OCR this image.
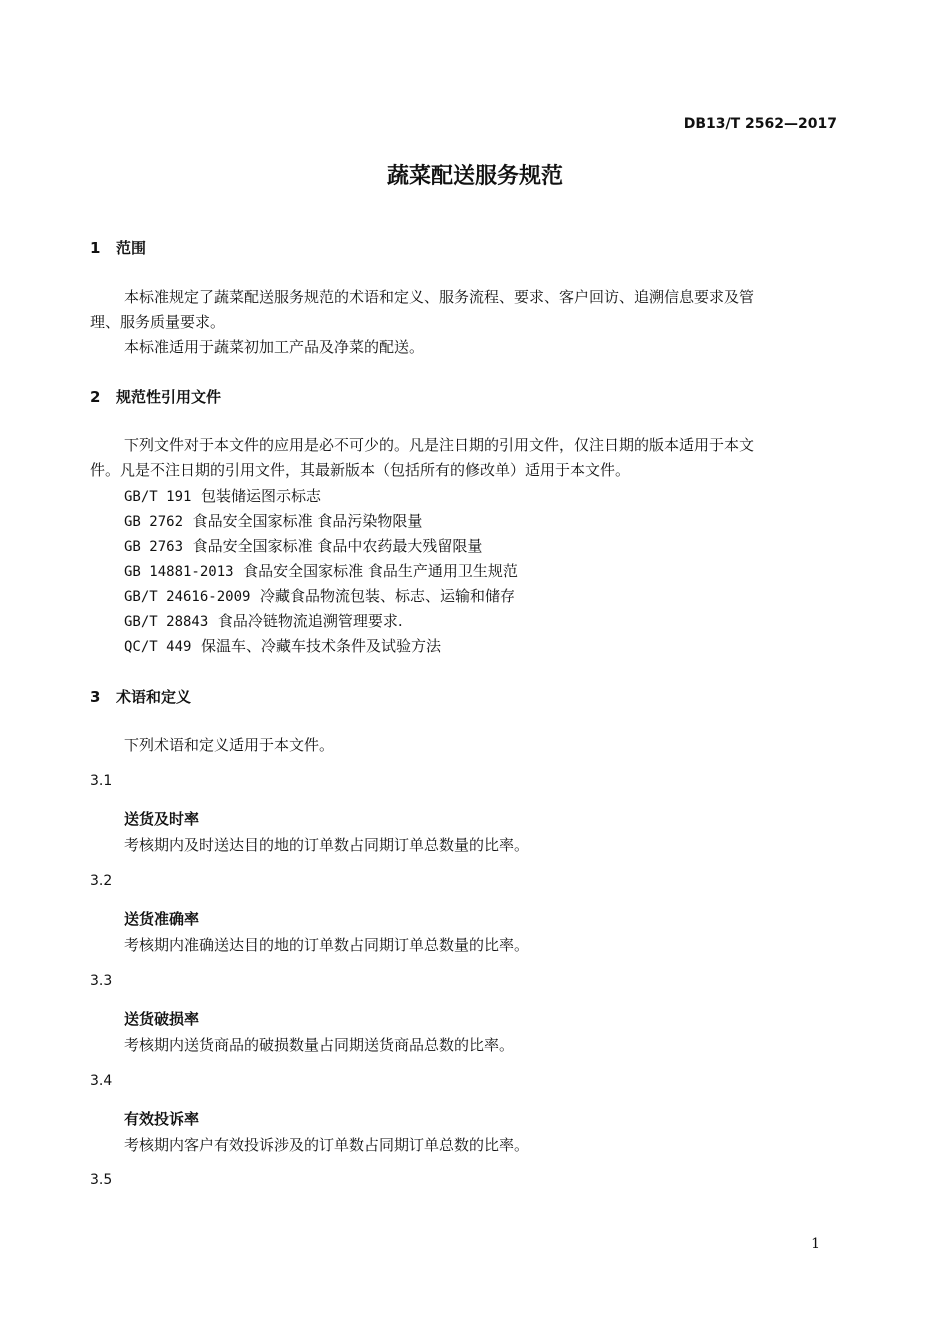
DB13/T 2562—2017
蔬菜配送服务规范
1 范围
本标准规定了蔬菜配送服务规范的术语和定义、服务流程、要求、客户回访、追溯信息要求及管
理、服务质量要求。
本标准适用于蔬菜初加工产品及净菜的配送。
2 规范性引用文件
下列文件对于本文件的应用是必不可少的。凡是注日期的引用文件，仅注日期的版本适用于本文
件。凡是不注日期的引用文件，其最新版本（包括所有的修改单）适用于本文件。
GB/T 191 包装储运图示标志
GB 2762 食品安全国家标准 食品污染物限量
GB 2763 食品安全国家标准 食品中农药最大残留限量
GB 14881-2013 食品安全国家标准 食品生产通用卫生规范
GB/T 24616-2009 冷藏食品物流包装、标志、运输和储存
GB/T 28843 食品冷链物流追溯管理要求.
QC/T 449 保温车、冷藏车技术条件及试验方法
3 术语和定义
下列术语和定义适用于本文件。
3.1
送货及时率
考核期内及时送达目的地的订单数占同期订单总数量的比率。
3.2
送货准确率
考核期内准确送达目的地的订单数占同期订单总数量的比率。
3.3
送货破损率
考核期内送货商品的破损数量占同期送货商品总数的比率。
3.4
有效投诉率
考核期内客户有效投诉涉及的订单数占同期订单总数的比率。
3.5
1
